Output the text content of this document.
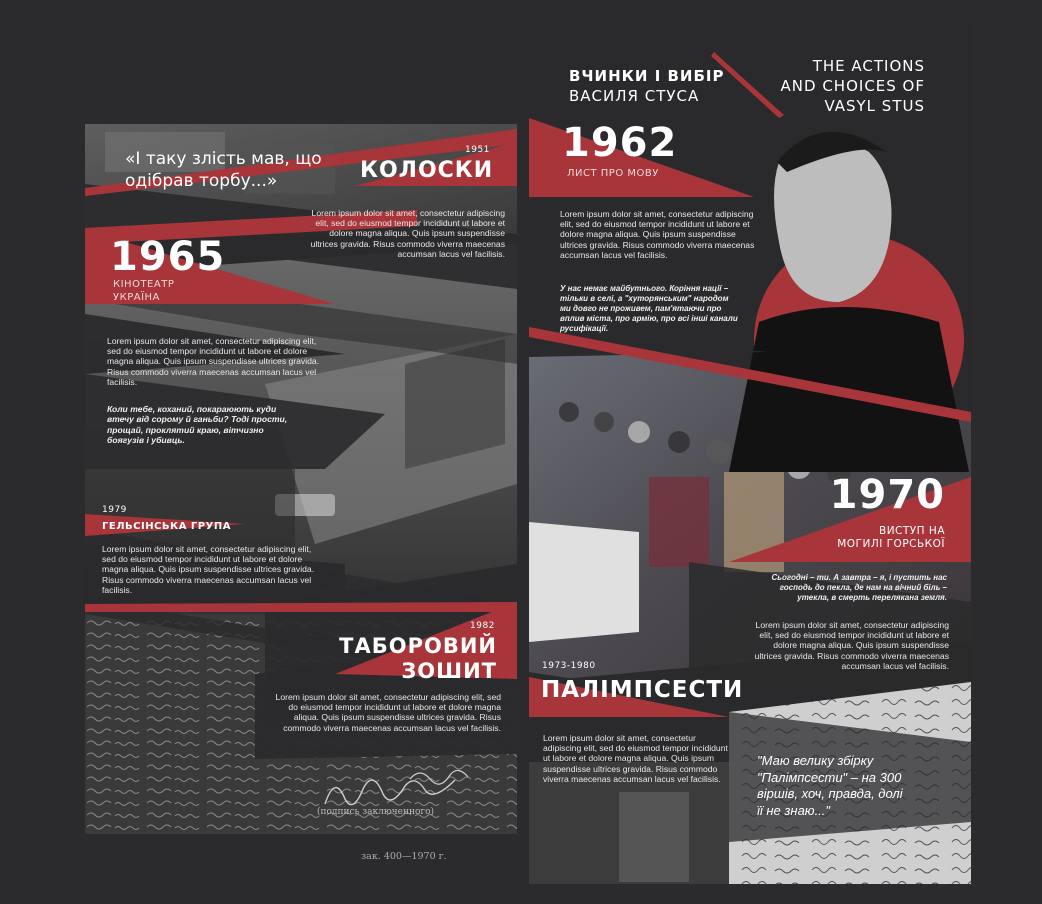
«І таку злість мав, що одібрав торбу...»
1951
КОЛОСКИ
Lorem ipsum dolor sit amet, consectetur adipiscing elit, sed do eiusmod tempor incididunt ut labore et dolore magna aliqua. Quis ipsum suspendisse ultrices gravida. Risus commodo viverra maecenas accumsan lacus vel facilisis.
1965
КІНОТЕАТР УКРАЇНА
Lorem ipsum dolor sit amet, consectetur adipiscing elit, sed do eiusmod tempor incididunt ut labore et dolore magna aliqua. Quis ipsum suspendisse ultrices gravida. Risus commodo viverra maecenas accumsan lacus vel facilisis.
Коли тебе, коханий, покараюють куди втечу від сорому й ганьби? Тоді прости, прощай, проклятий краю, вітчизно боягузів і убивць.
1979
ГЕЛЬСІНСЬКА ГРУПА
Lorem ipsum dolor sit amet, consectetur adipiscing elit, sed do eiusmod tempor incididunt ut labore et dolore magna aliqua. Quis ipsum suspendisse ultrices gravida. Risus commodo viverra maecenas accumsan lacus vel facilisis.
1982
ТАБОРОВИЙ
ЗОШИТ
Lorem ipsum dolor sit amet, consectetur adipiscing elit, sed do eiusmod tempor incididunt ut labore et dolore magna aliqua. Quis ipsum suspendisse ultrices gravida. Risus commodo viverra maecenas accumsan lacus vel facilisis.
(подпись заключенного)
зак. 400—1970 г.
ВЧИНКИ І ВИБІР
ВАСИЛЯ СТУСА
THE ACTIONS
AND CHOICES OF
VASYL STUS
1962
ЛИСТ ПРО МОВУ
Lorem ipsum dolor sit amet, consectetur adipiscing elit, sed do eiusmod tempor incididunt ut labore et dolore magna aliqua. Quis ipsum suspendisse ultrices gravida. Risus commodo viverra maecenas accumsan lacus vel facilisis.
У нас немає майбутнього. Коріння нації – тільки в селі, а "хуторянським" народом ми довго не проживем, пам'ятаючи про вплив міста, про армію, про всі інші канали русифікації.
1970
ВИСТУП НА
МОГИЛІ ГОРСЬКОЇ
Сьогодні – ти. А завтра – я, і пустить нас господь до пекла, де нам на вічний біль – утекла, в смерть переляканa земля.
Lorem ipsum dolor sit amet, consectetur adipiscing elit, sed do eiusmod tempor incididunt ut labore et dolore magna aliqua. Quis ipsum suspendisse ultrices gravida. Risus commodo viverra maecenas accumsan lacus vel facilisis.
1973-1980
ПАЛІМПСЕСТИ
Lorem ipsum dolor sit amet, consectetur adipiscing elit, sed do eiusmod tempor incididunt ut labore et dolore magna aliqua. Quis ipsum suspendisse ultrices gravida. Risus commodo viverra maecenas accumsan lacus vel facilisis.
"Маю велику збірку "Палімпсести" – на 300 віршів, хоч, правда, долі її не знаю..."
